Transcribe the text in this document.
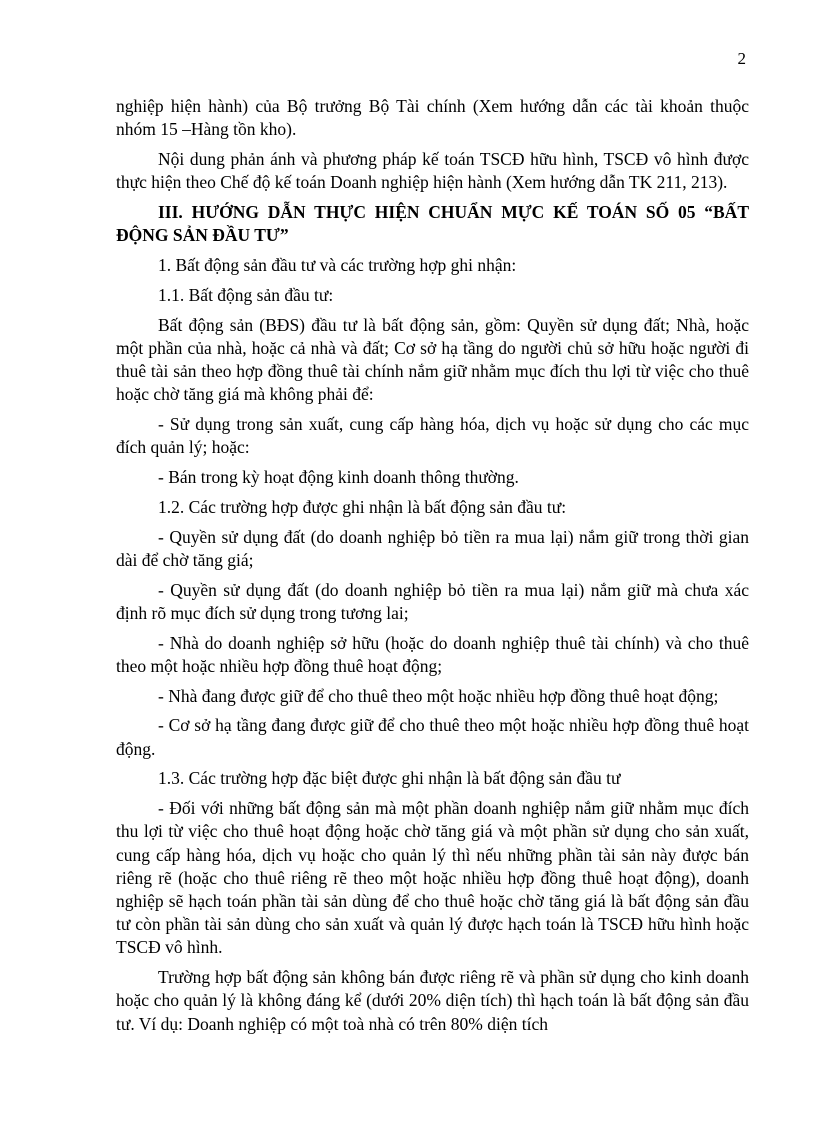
2

nghiệp hiện hành) của Bộ trưởng Bộ Tài chính (Xem hướng dẫn các tài khoản thuộc nhóm 15 –Hàng tồn kho).

Nội dung phản ánh và phương pháp kế toán TSCĐ hữu hình, TSCĐ vô hình được thực hiện theo Chế độ kế toán Doanh nghiệp hiện hành (Xem hướng dẫn TK 211, 213).

III. HƯỚNG DẪN THỰC HIỆN CHUẨN MỰC KẾ TOÁN SỐ 05 “BẤT ĐỘNG SẢN ĐẦU TƯ”

1. Bất động sản đầu tư và các trường hợp ghi nhận:

1.1. Bất động sản đầu tư:

Bất động sản (BĐS) đầu tư là bất động sản, gồm: Quyền sử dụng đất; Nhà, hoặc một phần của nhà, hoặc cả nhà và đất; Cơ sở hạ tầng do người chủ sở hữu hoặc người đi thuê tài sản theo hợp đồng thuê tài chính nắm giữ nhằm mục đích thu lợi từ việc cho thuê hoặc chờ tăng giá mà không phải để:

- Sử dụng trong sản xuất, cung cấp hàng hóa, dịch vụ hoặc sử dụng cho các mục đích quản lý; hoặc:

- Bán trong kỳ hoạt động kinh doanh thông thường.

1.2. Các trường hợp được ghi nhận là bất động sản đầu tư:

- Quyền sử dụng đất (do doanh nghiệp bỏ tiền ra mua lại) nắm giữ trong thời gian dài để chờ tăng giá;

- Quyền sử dụng đất (do doanh nghiệp bỏ tiền ra mua lại) nắm giữ mà chưa xác định rõ mục đích sử dụng trong tương lai;

- Nhà do doanh nghiệp sở hữu (hoặc do doanh nghiệp thuê tài chính) và cho thuê theo một hoặc nhiều hợp đồng thuê hoạt động;

- Nhà đang được giữ để cho thuê theo một hoặc nhiều hợp đồng thuê hoạt động;

- Cơ sở hạ tầng đang được giữ để cho thuê theo một hoặc nhiều hợp đồng thuê hoạt động.

1.3. Các trường hợp đặc biệt được ghi nhận là bất động sản đầu tư

- Đối với những bất động sản mà một phần doanh nghiệp nắm giữ nhằm mục đích thu lợi từ việc cho thuê hoạt động hoặc chờ tăng giá và một phần sử dụng cho sản xuất, cung cấp hàng hóa, dịch vụ hoặc cho quản lý thì nếu những phần tài sản này được bán riêng rẽ (hoặc cho thuê riêng rẽ theo một hoặc nhiều hợp đồng thuê hoạt động), doanh nghiệp sẽ hạch toán phần tài sản dùng để cho thuê hoặc chờ tăng giá là bất động sản đầu tư còn phần tài sản dùng cho sản xuất và quản lý được hạch toán là TSCĐ hữu hình hoặc TSCĐ vô hình.

Trường hợp bất động sản không bán được riêng rẽ và phần sử dụng cho kinh doanh hoặc cho quản lý là không đáng kể (dưới 20% diện tích) thì hạch toán là bất động sản đầu tư. Ví dụ: Doanh nghiệp có một toà nhà có trên 80% diện tích
